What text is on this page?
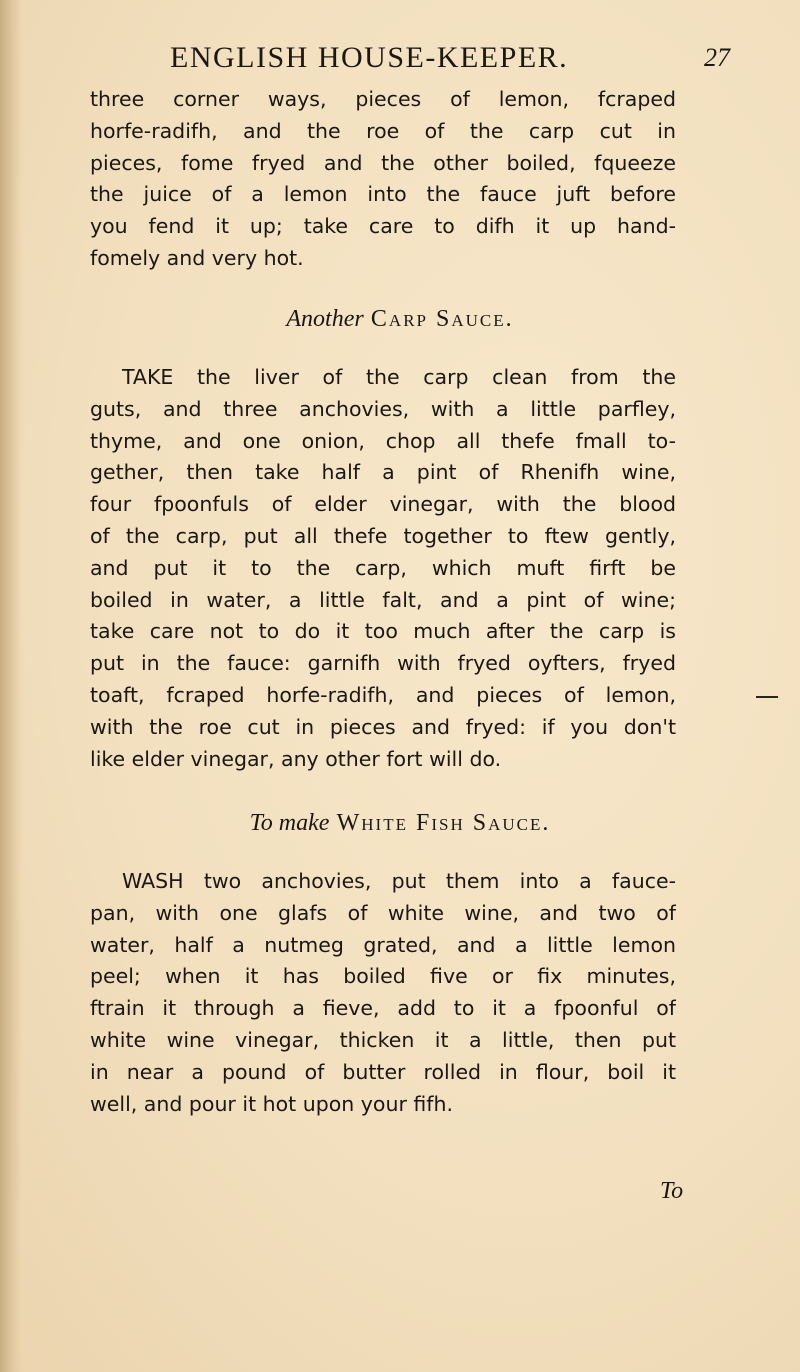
ENGLISH HOUSE-KEEPER.	27
three corner ways, pieces of lemon, fcraped
horfe-radifh, and the roe of the carp cut in
pieces, fome fryed and the other boiled, fqueeze
the juice of a lemon into the fauce juft before
you fend it up; take care to difh it up hand-
fomely and very hot.
Another Carp Sauce.
TAKE the liver of the carp clean from the
guts, and three anchovies, with a little parfley,
thyme, and one onion, chop all thefe fmall to-
gether, then take half a pint of Rhenifh wine,
four fpoonfuls of elder vinegar, with the blood
of the carp, put all thefe together to ftew gently,
and put it to the carp, which muft firft be
boiled in water, a little falt, and a pint of wine;
take care not to do it too much after the carp is
put in the fauce: garnifh with fryed oyfters, fryed
toaft, fcraped horfe-radifh, and pieces of lemon,
with the roe cut in pieces and fryed: if you don't
like elder vinegar, any other fort will do.
To make White Fish Sauce.
WASH two anchovies, put them into a fauce-
pan, with one glafs of white wine, and two of
water, half a nutmeg grated, and a little lemon
peel; when it has boiled five or fix minutes,
ftrain it through a fieve, add to it a fpoonful of
white wine vinegar, thicken it a little, then put
in near a pound of butter rolled in flour, boil it
well, and pour it hot upon your fifh.
To
